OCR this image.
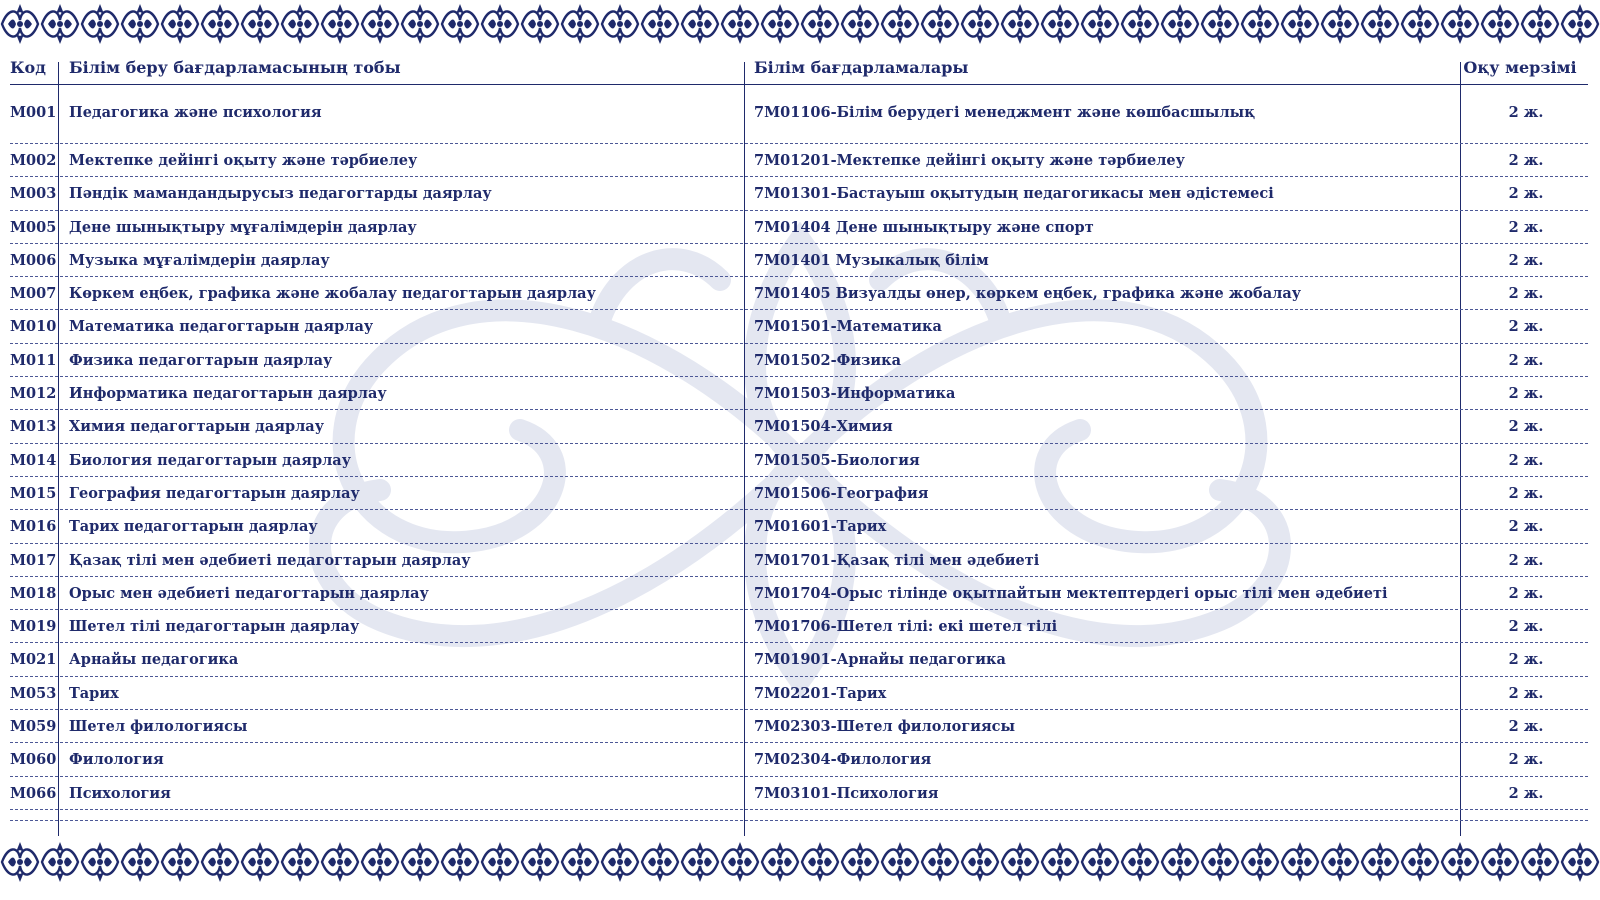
Код Білім беру бағдарламасының тобы	Білім бағдарламалары	Оқу мерзімі
M001 Педагогика және психология	7M01106-Білім берудегі менеджмент және көшбасшылық	2 ж.
M002 Мектепке дейінгі оқыту және тәрбиелеу	7M01201-Мектепке дейінгі оқыту және тәрбиелеу	2 ж.
M003 Пәндік мамандандырусыз педагогтарды даярлау	7M01301-Бастауыш оқытудың педагогикасы мен әдістемесі	2 ж.
M005 Дене шынықтыру мұғалімдерін даярлау	7M01404 Дене шынықтыру және спорт	2 ж.
M006 Музыка мұғалімдерін даярлау	7M01401 Музыкалық білім	2 ж.
M007 Көркем еңбек, графика және жобалау педагогтарын даярлау	7M01405 Визуалды өнер, көркем еңбек, графика және жобалау	2 ж.
M010 Математика педагогтарын даярлау	7M01501-Математика	2 ж.
M011 Физика педагогтарын даярлау	7M01502-Физика	2 ж.
M012 Информатика педагогтарын даярлау	7M01503-Информатика	2 ж.
M013 Химия педагогтарын даярлау	7M01504-Химия	2 ж.
M014 Биология педагогтарын даярлау	7M01505-Биология	2 ж.
M015 География педагогтарын даярлау	7M01506-География	2 ж.
M016 Тарих педагогтарын даярлау	7M01601-Тарих	2 ж.
M017 Қазақ тілі мен әдебиеті педагогтарын даярлау	7M01701-Қазақ тілі мен әдебиеті	2 ж.
M018 Орыс мен әдебиеті педагогтарын даярлау	7M01704-Орыс тілінде оқытпайтын мектептердегі орыс тілі мен әдебиеті	2 ж.
M019 Шетел тілі педагогтарын даярлау	7M01706-Шетел тілі: екі шетел тілі	2 ж.
M021 Арнайы педагогика	7M01901-Арнайы педагогика	2 ж.
M053 Тарих	7M02201-Тарих	2 ж.
M059 Шетел филологиясы	7M02303-Шетел филологиясы	2 ж.
M060 Филология	7M02304-Филология	2 ж.
M066 Психология	7M03101-Психология	2 ж.
